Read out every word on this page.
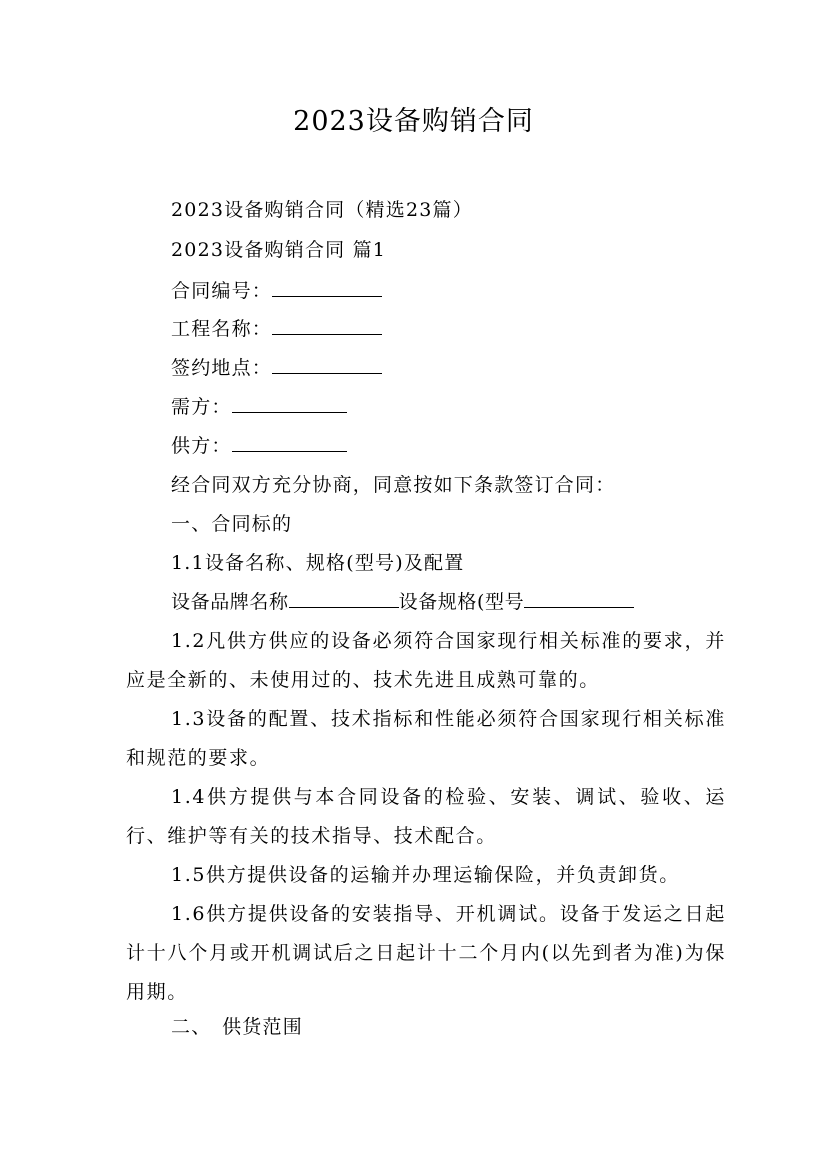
2023设备购销合同
2023设备购销合同（精选23篇）
2023设备购销合同 篇1
合同编号：
工程名称：
签约地点：
需方：
供方：
经合同双方充分协商，同意按如下条款签订合同：
一、合同标的
1.1设备名称、规格(型号)及配置
设备品牌名称	设备规格(型号
1.2凡供方供应的设备必须符合国家现行相关标准的要求，并应是全新的、未使用过的、技术先进且成熟可靠的。
1.3设备的配置、技术指标和性能必须符合国家现行相关标准和规范的要求。
1.4供方提供与本合同设备的检验、安装、调试、验收、运行、维护等有关的技术指导、技术配合。
1.5供方提供设备的运输并办理运输保险，并负责卸货。
1.6供方提供设备的安装指导、开机调试。设备于发运之日起计十八个月或开机调试后之日起计十二个月内(以先到者为准)为保用期。
二、　供货范围
